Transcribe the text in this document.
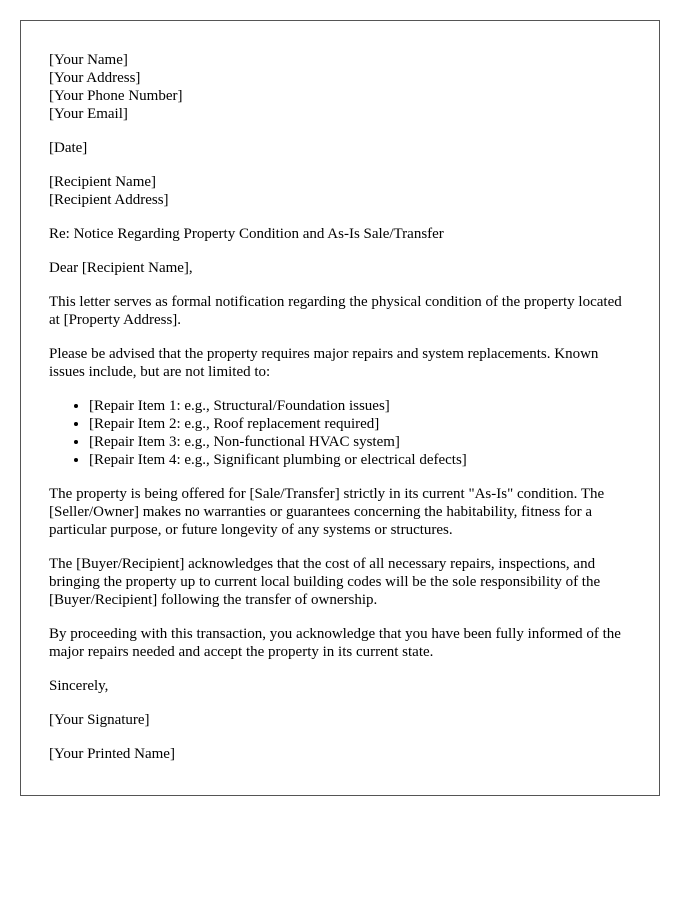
[Your Name]
[Your Address]
[Your Phone Number]
[Your Email]
[Date]
[Recipient Name]
[Recipient Address]

Re: Notice Regarding Property Condition and As-Is Sale/Transfer

Dear [Recipient Name],

This letter serves as formal notification regarding the physical condition of the property located at [Property Address].

Please be advised that the property requires major repairs and system replacements. Known issues include, but are not limited to:

• [Repair Item 1: e.g., Structural/Foundation issues]
• [Repair Item 2: e.g., Roof replacement required]
• [Repair Item 3: e.g., Non-functional HVAC system]
• [Repair Item 4: e.g., Significant plumbing or electrical defects]

The property is being offered for [Sale/Transfer] strictly in its current "As-Is" condition. The [Seller/Owner] makes no warranties or guarantees concerning the habitability, fitness for a particular purpose, or future longevity of any systems or structures.

The [Buyer/Recipient] acknowledges that the cost of all necessary repairs, inspections, and bringing the property up to current local building codes will be the sole responsibility of the [Buyer/Recipient] following the transfer of ownership.

By proceeding with this transaction, you acknowledge that you have been fully informed of the major repairs needed and accept the property in its current state.

Sincerely,

[Your Signature]

[Your Printed Name]
